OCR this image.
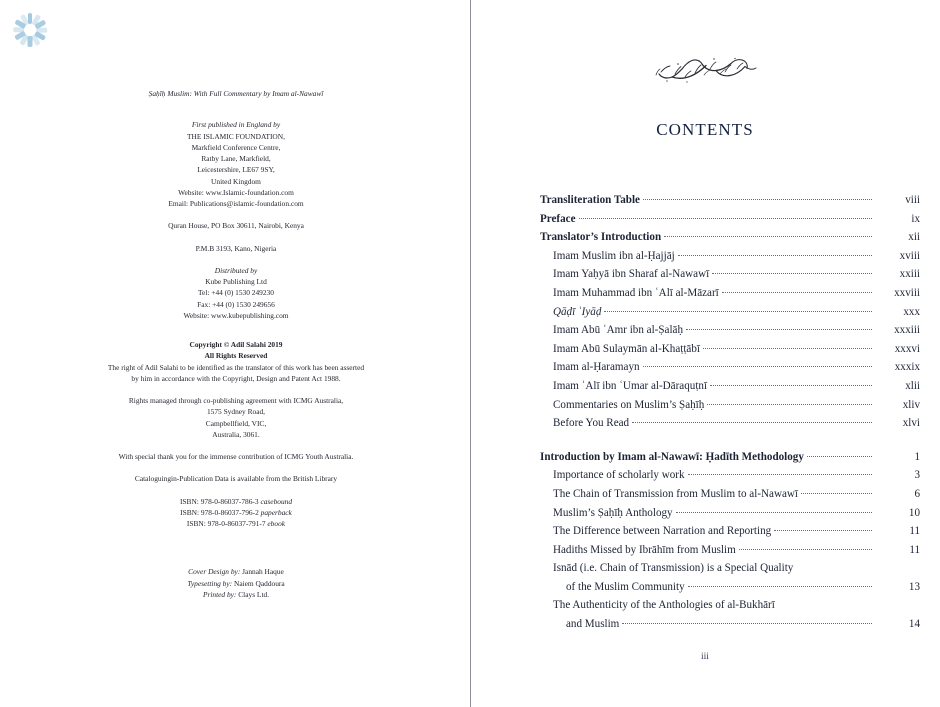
Ṣaḥīḥ Muslim: With Full Commentary by Imam al-Nawawī
First published in England by
THE ISLAMIC FOUNDATION,
Markfield Conference Centre,
Ratby Lane, Markfield,
Leicestershire, LE67 9SY,
United Kingdom
Website: www.Islamic-foundation.com
Email: Publications@islamic-foundation.com
Quran House, PO Box 30611, Nairobi, Kenya
P.M.B 3193, Kano, Nigeria
Distributed by
Kube Publishing Ltd
Tel: +44 (0) 1530 249230
Fax: +44 (0) 1530 249656
Website: www.kubepublishing.com
Copyright © Adil Salahi 2019
All Rights Reserved
The right of Adil Salahi to be identified as the translator of this work has been asserted
by him in accordance with the Copyright, Design and Patent Act 1988.
Rights managed through co-publishing agreement with ICMG Australia,
1575 Sydney Road,
Campbellfield, VIC,
Australia, 3061.
With special thank you for the immense contribution of ICMG Youth Australia.
Cataloguingin-Publication Data is available from the British Library
ISBN: 978-0-86037-786-3 casebound
ISBN: 978-0-86037-796-2 paperback
ISBN: 978-0-86037-791-7 ebook
Cover Design by: Jannah Haque
Typesetting by: Naiem Qaddoura
Printed by: Clays Ltd.
CONTENTS
Transliteration Table	viii
Preface	ix
Translator’s Introduction	xii
Imam Muslim ibn al-Ḥajjāj	xviii
Imam Yaḥyā ibn Sharaf al-Nawawī	xxiii
Imam Muhammad ibn ʿAlī al-Māzarī	xxviii
Qāḍī ʿIyāḍ	xxx
Imam Abū ʿAmr ibn al-Ṣalāḥ	xxxiii
Imam Abū Sulaymān al-Khaṭṭābī	xxxvi
Imam al-Ḥaramayn	xxxix
Imam ʿAlī ibn ʿUmar al-Dāraquṭnī	xlii
Commentaries on Muslim’s Ṣaḥīḥ	xliv
Before You Read	xlvi
Introduction by Imam al-Nawawī: Ḥadīth Methodology	1
Importance of scholarly work	3
The Chain of Transmission from Muslim to al-Nawawī	6
Muslim’s Ṣaḥīḥ Anthology	10
The Difference between Narration and Reporting	11
Hadiths Missed by Ibrāhīm from Muslim	11
Isnād (i.e. Chain of Transmission) is a Special Quality
of the Muslim Community	13
The Authenticity of the Anthologies of al-Bukhārī
and Muslim	14
iii
